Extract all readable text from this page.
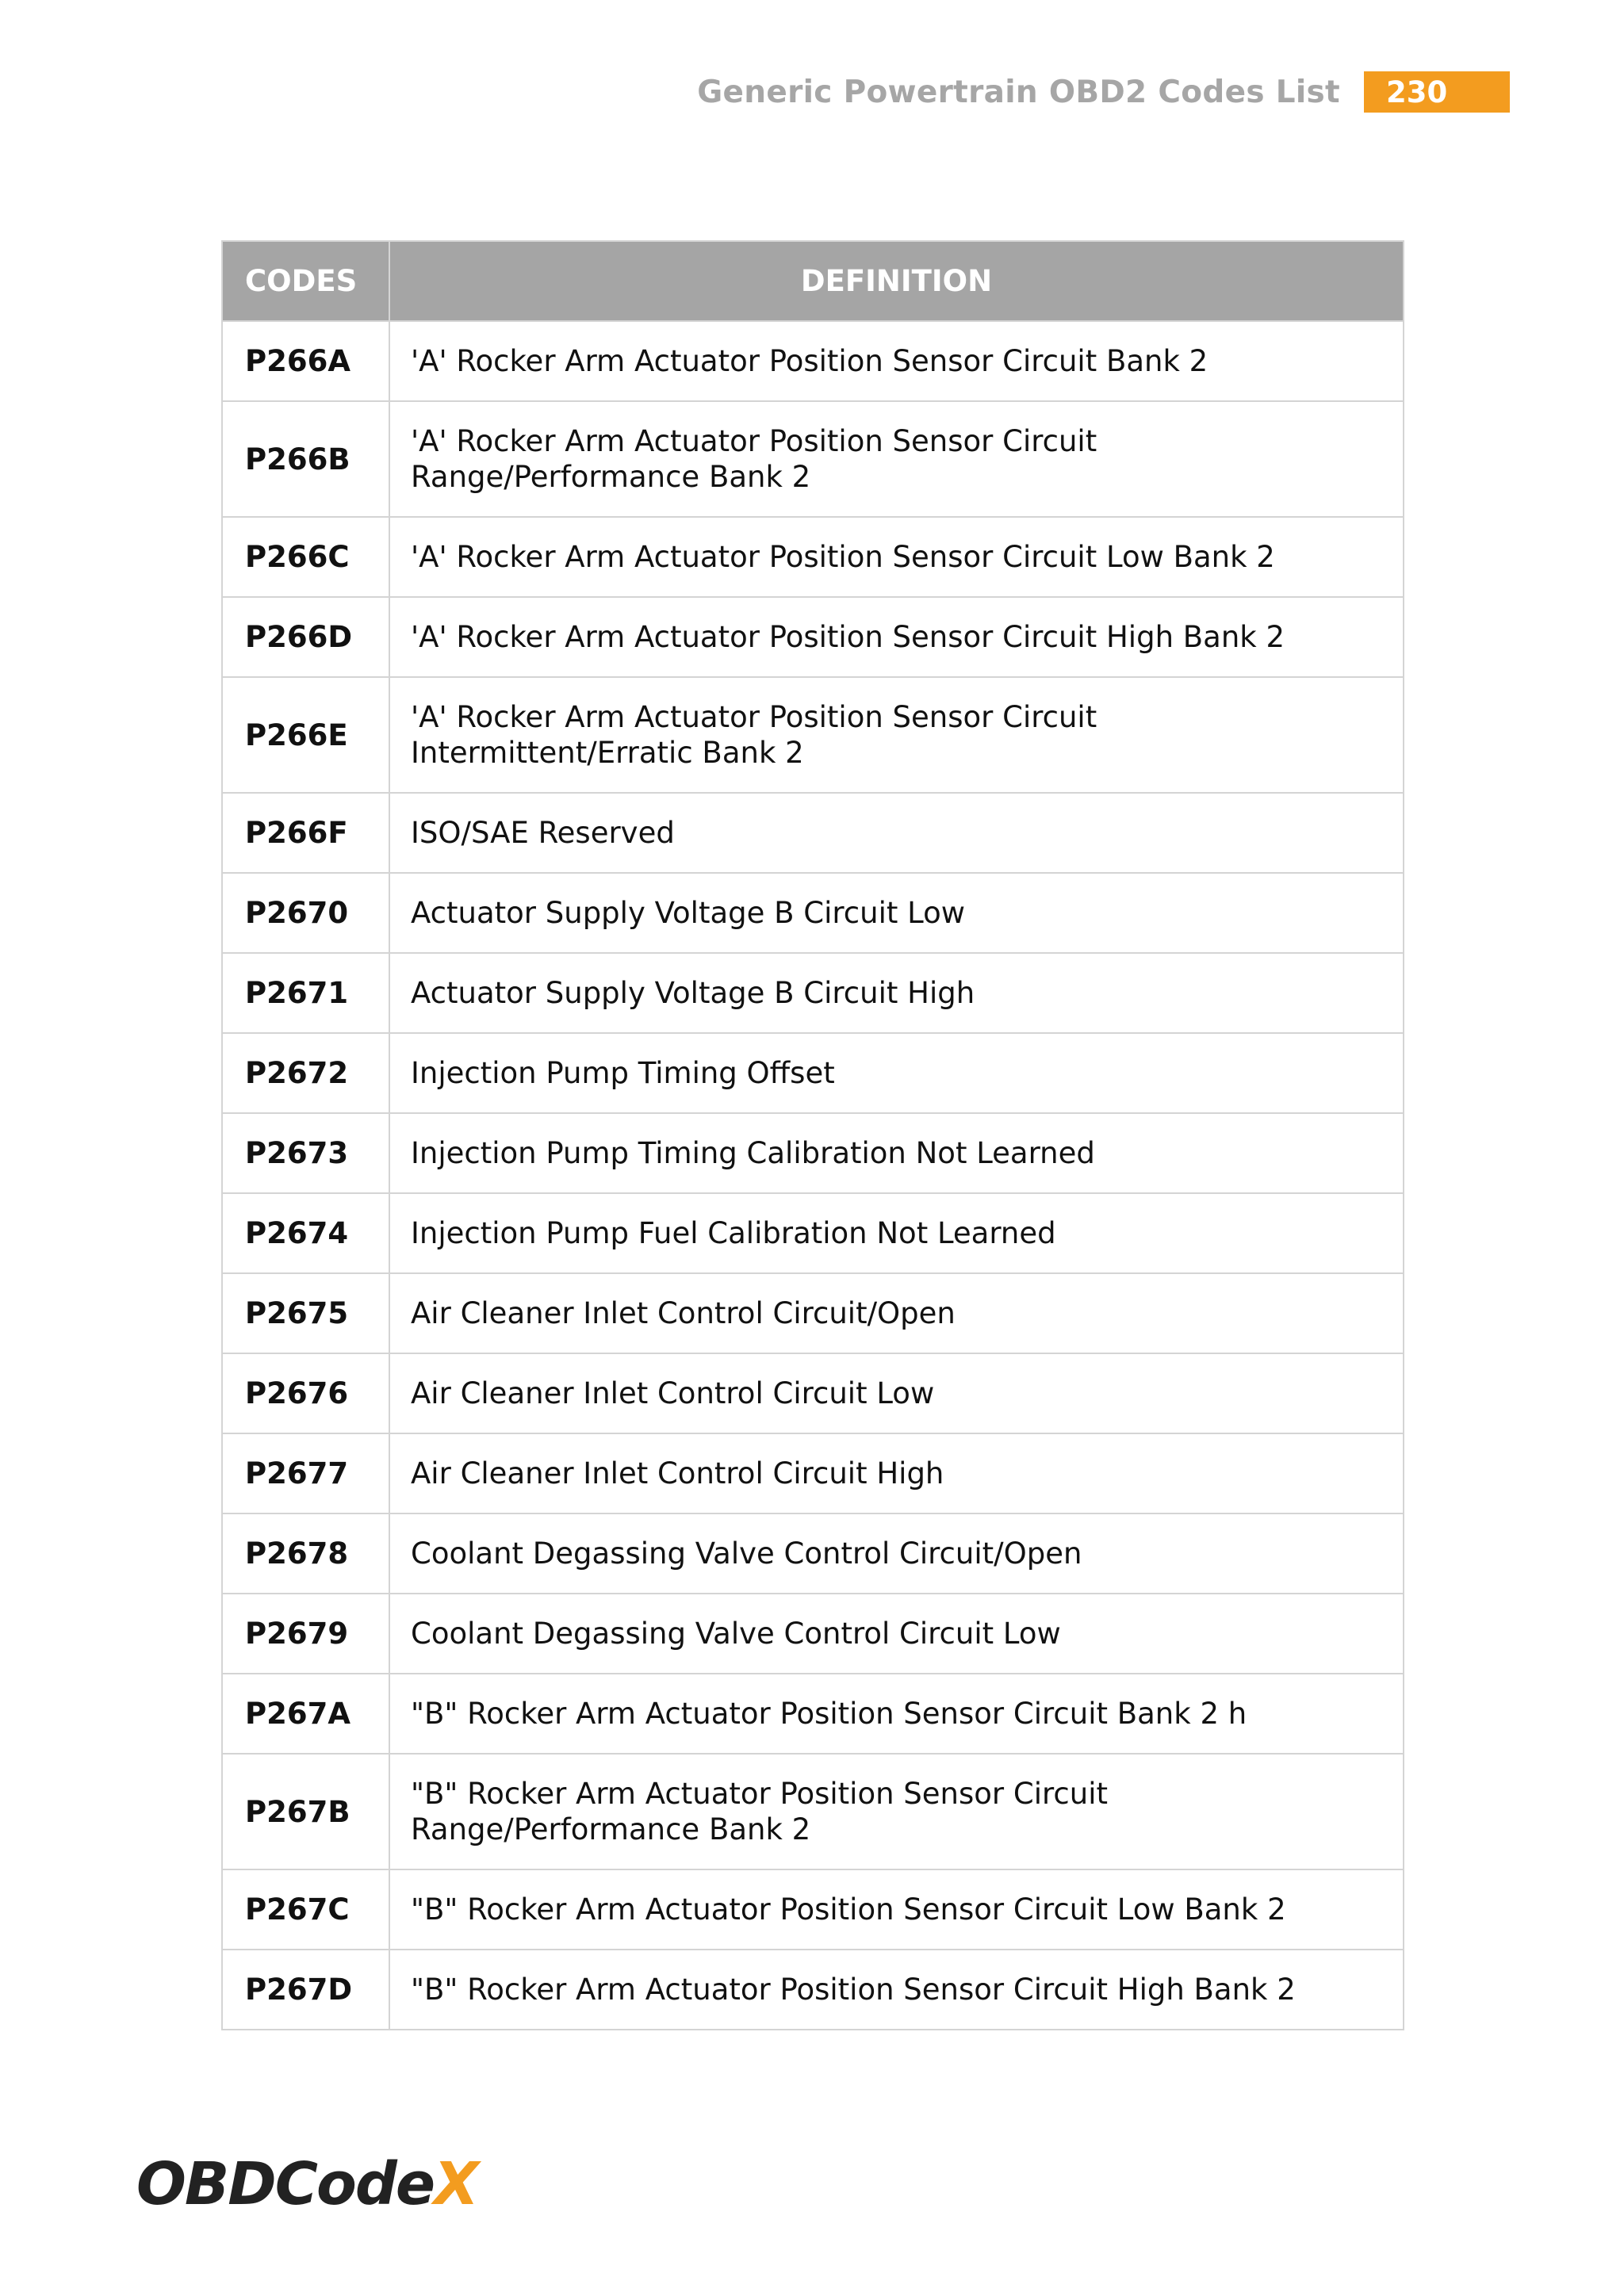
Generic Powertrain OBD2 Codes List	230
CODES	DEFINITION
P266A	'A' Rocker Arm Actuator Position Sensor Circuit Bank 2
P266B	'A' Rocker Arm Actuator Position Sensor Circuit Range/Performance Bank 2
P266C	'A' Rocker Arm Actuator Position Sensor Circuit Low Bank 2
P266D	'A' Rocker Arm Actuator Position Sensor Circuit High Bank 2
P266E	'A' Rocker Arm Actuator Position Sensor Circuit Intermittent/Erratic Bank 2
P266F	ISO/SAE Reserved
P2670	Actuator Supply Voltage B Circuit Low
P2671	Actuator Supply Voltage B Circuit High
P2672	Injection Pump Timing Offset
P2673	Injection Pump Timing Calibration Not Learned
P2674	Injection Pump Fuel Calibration Not Learned
P2675	Air Cleaner Inlet Control Circuit/Open
P2676	Air Cleaner Inlet Control Circuit Low
P2677	Air Cleaner Inlet Control Circuit High
P2678	Coolant Degassing Valve Control Circuit/Open
P2679	Coolant Degassing Valve Control Circuit Low
P267A	"B" Rocker Arm Actuator Position Sensor Circuit Bank 2 h
P267B	"B" Rocker Arm Actuator Position Sensor Circuit Range/Performance Bank 2
P267C	"B" Rocker Arm Actuator Position Sensor Circuit Low Bank 2
P267D	"B" Rocker Arm Actuator Position Sensor Circuit High Bank 2
OBDCode X
